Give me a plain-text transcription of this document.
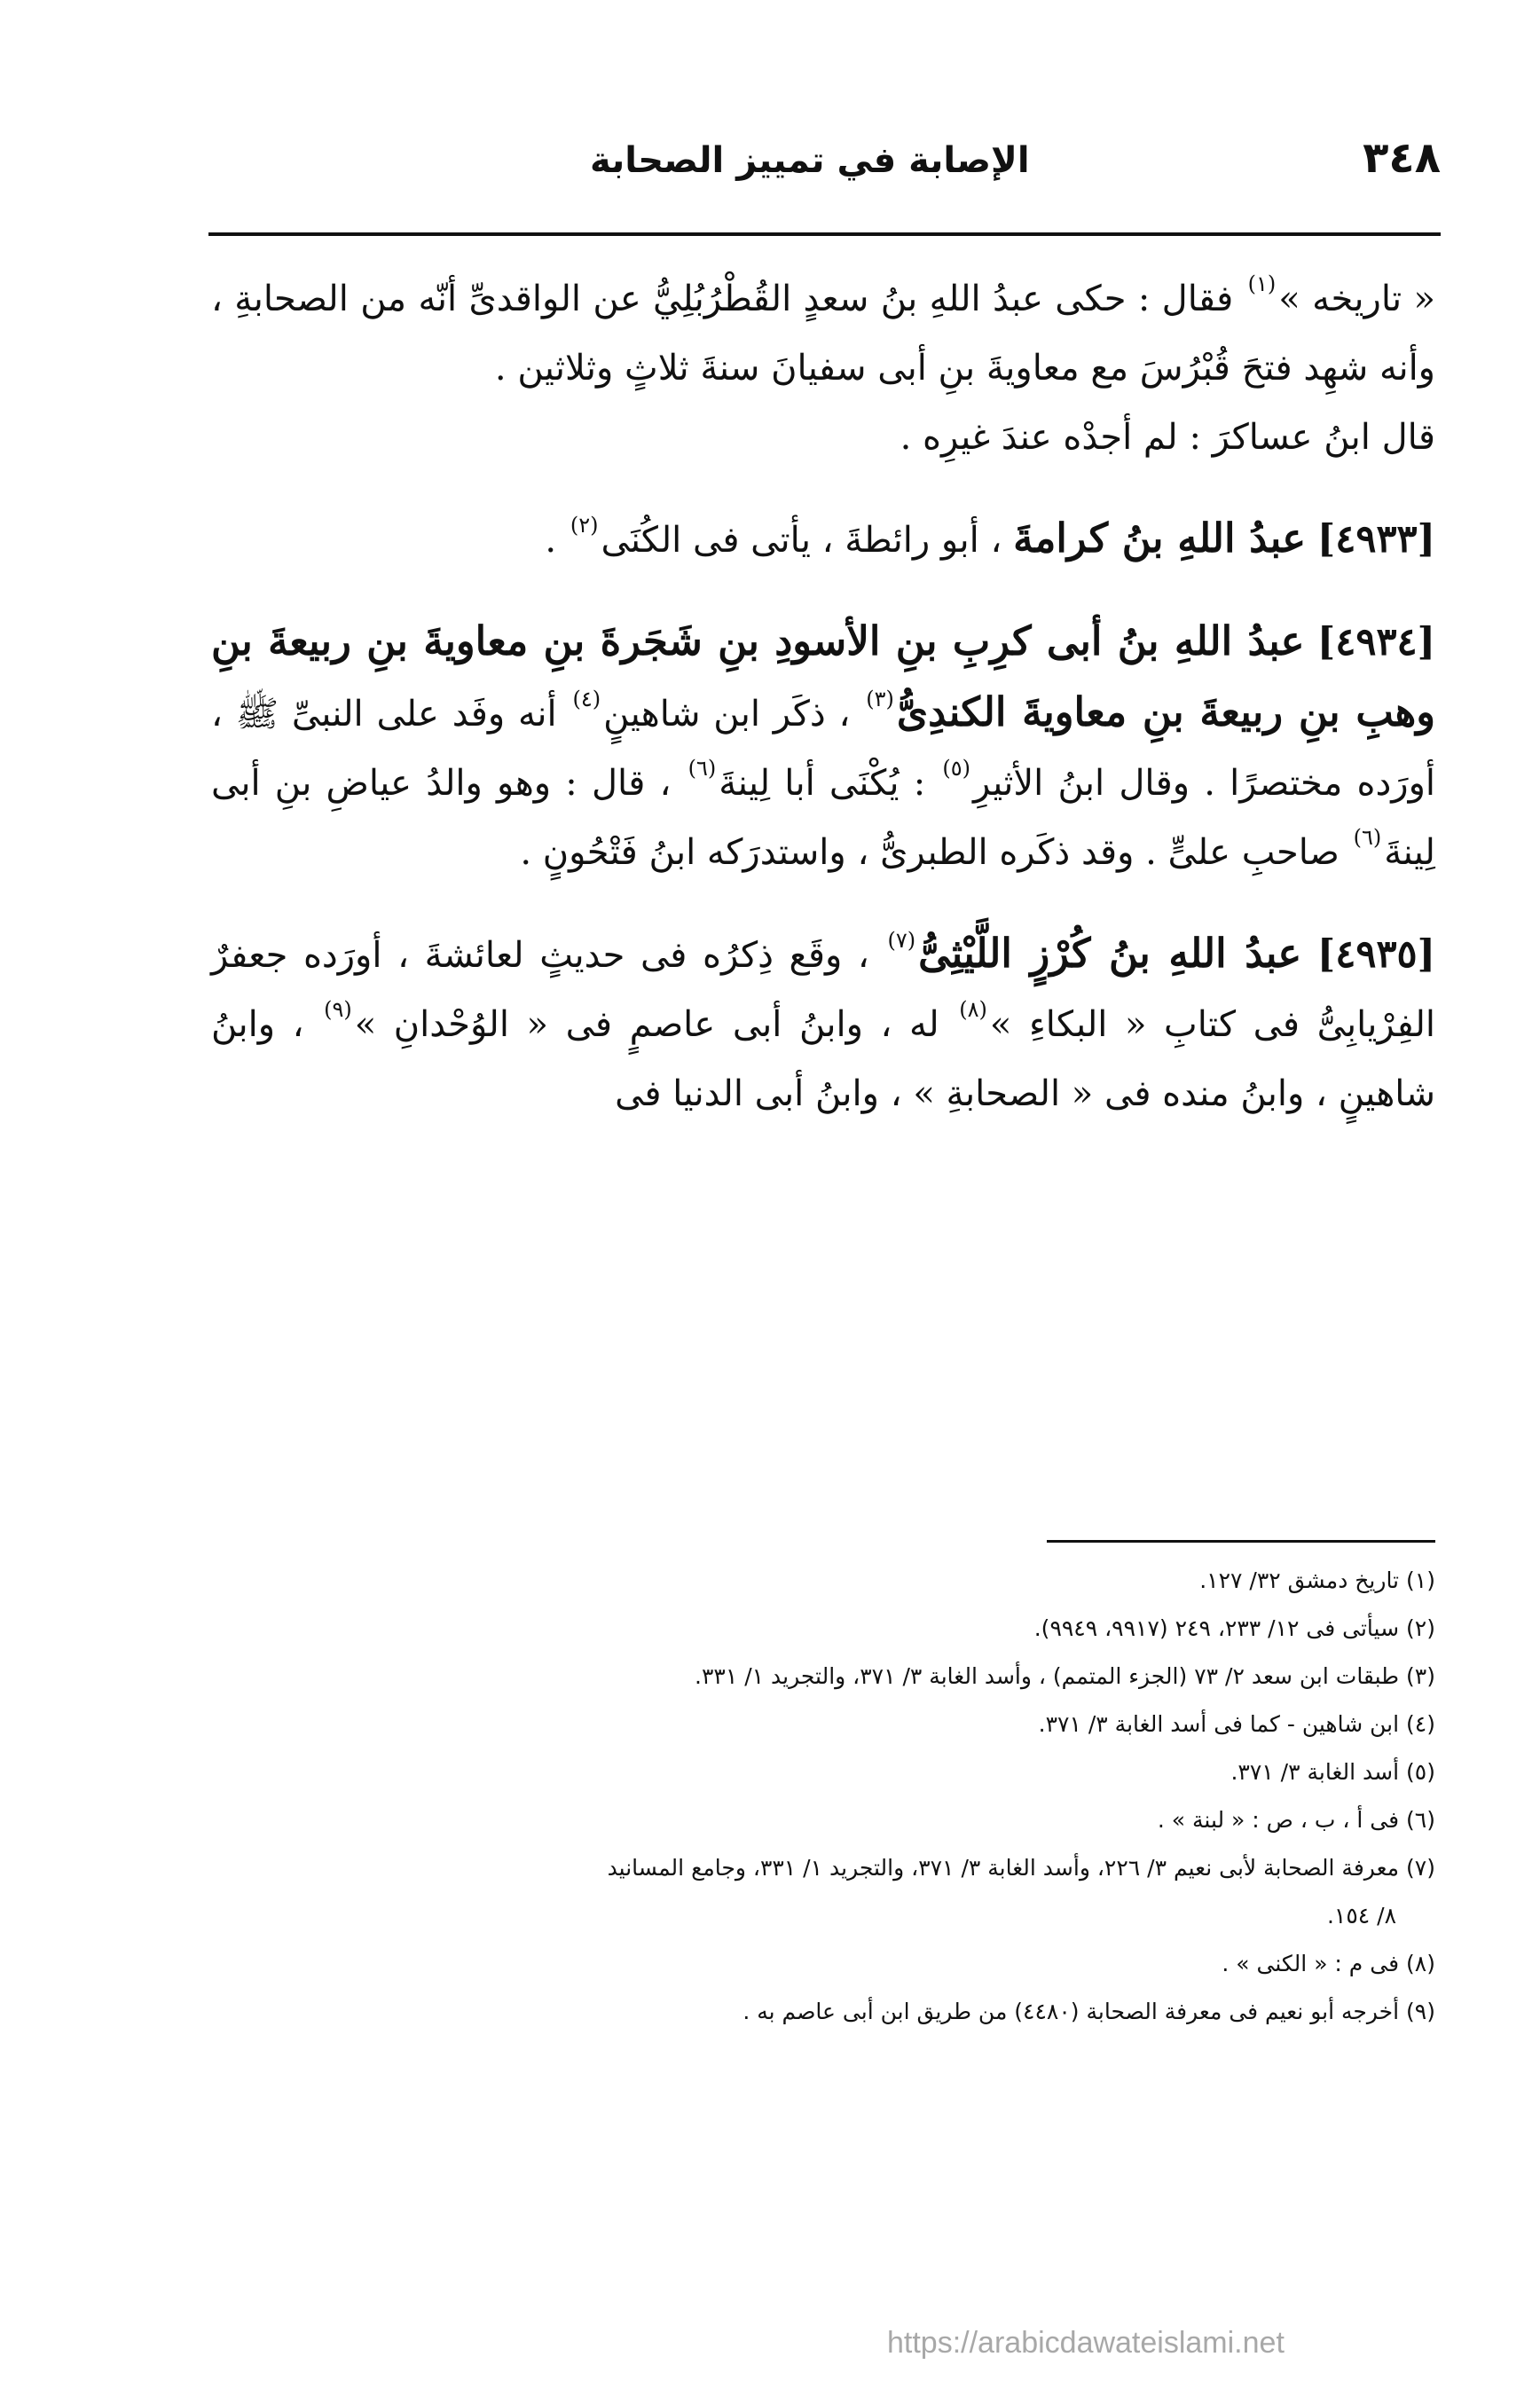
الإصابة في تمييز الصحابة	٣٤٨

« تاريخه »$^{(١)}$ فقال : حكى عبدُ اللهِ بنُ سعدٍ القُطْرُبُلِيُّ عن الواقدىِّ أنّه من الصحابةِ ، وأنه شهِد فتحَ قُبْرُسَ مع معاويةَ بنِ أبى سفيانَ سنةَ ثلاثٍ وثلاثين .

قال ابنُ عساكرَ : لم أجدْه عندَ غيرِه .

[٤٩٣٣] عبدُ اللهِ بنُ كرامةَ ، أبو رائطةَ ، يأتى فى الكُنَى$^{(٢)}$ .

[٤٩٣٤] عبدُ اللهِ بنُ أبى كرِبِ بنِ الأسودِ بنِ شَجَرةَ بنِ معاويةَ بنِ ربيعةَ بنِ وهبِ بنِ ربيعةَ بنِ معاويةَ الكندِىُّ$^{(٣)}$ ، ذكَر ابن شاهينٍ$^{(٤)}$ أنه وفَد على النبىِّ ﷺ ، أورَده مختصرًا . وقال ابنُ الأثيرِ$^{(٥)}$ : يُكْنَى أبا لِينةَ$^{(٦)}$ ، قال : وهو والدُ عياضِ بنِ أبى لِينةَ$^{(٦)}$ صاحبِ علىٍّ . وقد ذكَره الطبرىُّ ، واستدرَكه ابنُ فَتْحُونٍ .

[٤٩٣٥] عبدُ اللهِ بنُ كُرْزٍ اللَّيْثِىُّ$^{(٧)}$ ، وقَع ذِكرُه فى حديثٍ لعائشةَ ، أورَده جعفرٌ الفِرْيابِىُّ فى كتابِ « البكاءِ »$^{(٨)}$ له ، وابنُ أبى عاصمٍ فى « الوُحْدانِ »$^{(٩)}$ ، وابنُ شاهينٍ ، وابنُ منده فى « الصحابةِ » ، وابنُ أبى الدنيا فى

(١)تاريخ دمشق ٣٢/ ١٢٧.

(٢)سيأتى فى ١٢/ ٢٣٣، ٢٤٩ (٩٩١٧، ٩٩٤٩).

(٣)طبقات ابن سعد ٢/ ٧٣ (الجزء المتمم) ، وأسد الغابة ٣/ ٣٧١، والتجريد ١/ ٣٣١.

(٤)ابن شاهين - كما فى أسد الغابة ٣/ ٣٧١.

(٥)أسد الغابة ٣/ ٣٧١.

(٦)فى أ ، ب ، ص : « لبنة » .

(٧)معرفة الصحابة لأبى نعيم ٣/ ٢٢٦، وأسد الغابة ٣/ ٣٧١، والتجريد ١/ ٣٣١، وجامع المسانيد

٨/ ١٥٤.

(٨)فى م : « الكنى » .

(٩)أخرجه أبو نعيم فى معرفة الصحابة (٤٤٨٠) من طريق ابن أبى عاصم به .

https://arabicdawateislami.net
